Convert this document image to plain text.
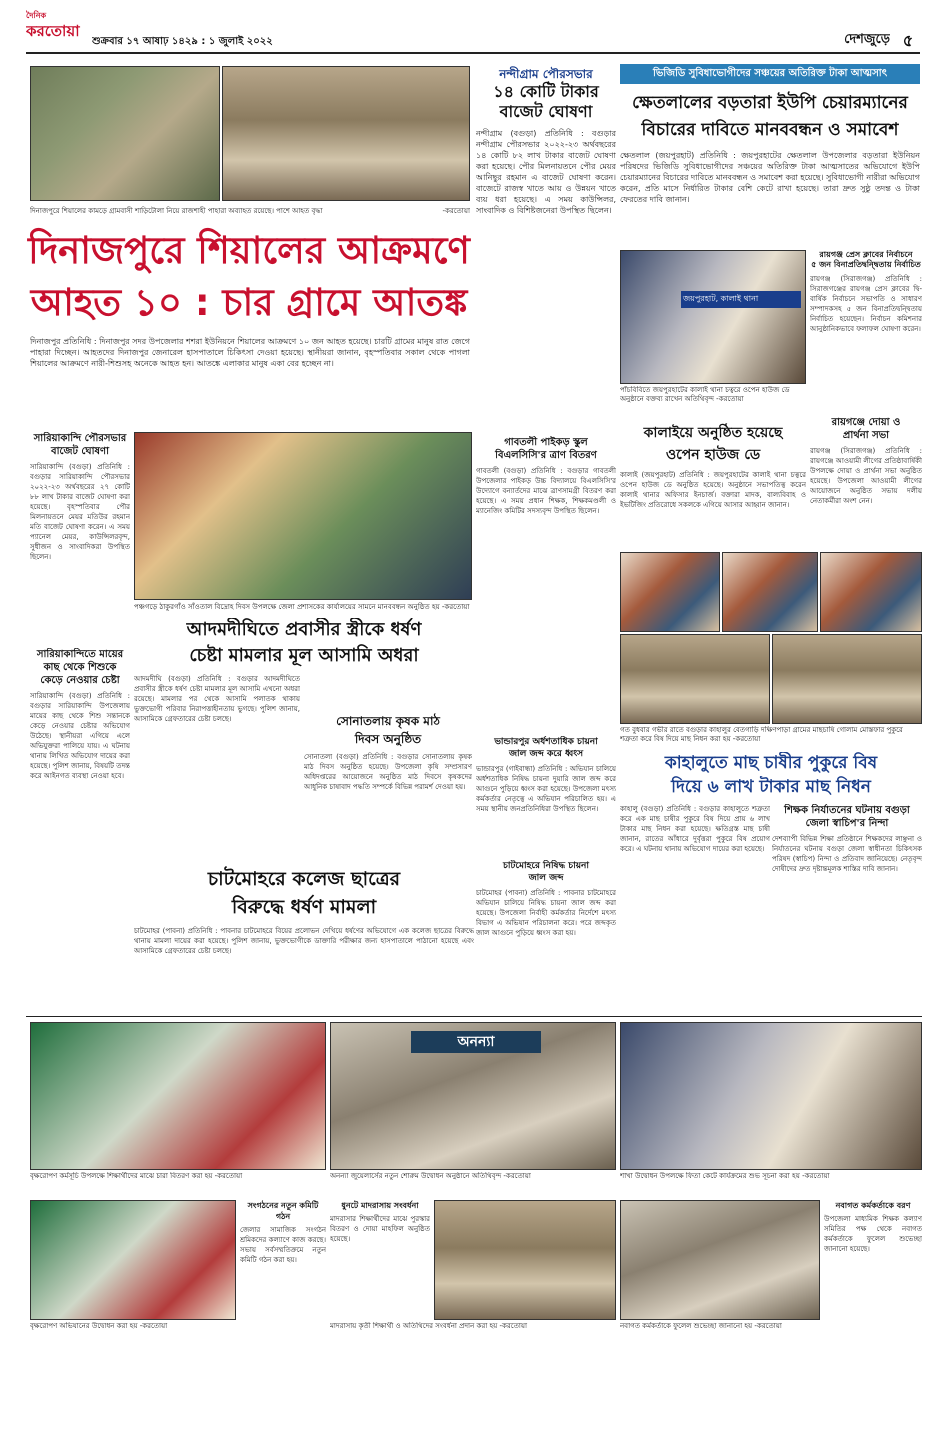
দৈনিক
করতোয়া
শুক্রবার ১৭ আষাঢ় ১৪২৯ : ১ জুলাই ২০২২	দেশজুড়ে ৫
দিনাজপুরে শিয়ালের কামড়ে গ্রামবাসী শাড়িটোলা নিয়ে রাজশাহী পাহারা অব্যাহত রয়েছে। পাশে আহত বৃদ্ধা	-করতোয়া
দিনাজপুরে শিয়ালের আক্রমণে
আহত ১০ : চার গ্রামে আতঙ্ক
দিনাজপুর প্রতিনিধি : দিনাজপুর সদর উপজেলার শশরা ইউনিয়নে শিয়ালের আক্রমণে ১০ জন আহত হয়েছে। চারটি গ্রামের মানুষ রাত জেগে পাহারা দিচ্ছেন। আহতদের দিনাজপুর জেনারেল হাসপাতালে চিকিৎসা দেওয়া হয়েছে। স্থানীয়রা জানান, বৃহস্পতিবার সকাল থেকে পাগলা শিয়ালের আক্রমণে নারী-শিশুসহ অনেকে আহত হন। আতঙ্কে এলাকার মানুষ একা বের হচ্ছেন না।
নন্দীগ্রাম পৌরসভার
১৪ কোটি টাকার
বাজেট ঘোষণা
নন্দীগ্রাম (বগুড়া) প্রতিনিধি : বগুড়ার নন্দীগ্রাম পৌরসভার ২০২২-২৩ অর্থবছরের ১৪ কোটি ৮২ লাখ টাকার বাজেট ঘোষণা করা হয়েছে। পৌর মিলনায়তনে পৌর মেয়র আনিছুর রহমান এ বাজেট ঘোষণা করেন। বাজেটে রাজস্ব খাতে আয় ও উন্নয়ন খাতে ব্যয় ধরা হয়েছে। এ সময় কাউন্সিলর, সাংবাদিক ও বিশিষ্টজনেরা উপস্থিত ছিলেন।
ভিজিডি সুবিধাভোগীদের সঞ্চয়ের অতিরিক্ত টাকা আত্মসাৎ
ক্ষেতলালের বড়তারা ইউপি চেয়ারম্যানের
বিচারের দাবিতে মানববন্ধন ও সমাবেশ
ক্ষেতলাল (জয়পুরহাট) প্রতিনিধি : জয়পুরহাটের ক্ষেতলাল উপজেলার বড়তারা ইউনিয়ন পরিষদের ভিজিডি সুবিধাভোগীদের সঞ্চয়ের অতিরিক্ত টাকা আত্মসাতের অভিযোগে ইউপি চেয়ারম্যানের বিচারের দাবিতে মানববন্ধন ও সমাবেশ করা হয়েছে। সুবিধাভোগী নারীরা অভিযোগ করেন, প্রতি মাসে নির্ধারিত টাকার বেশি কেটে রাখা হয়েছে। তারা দ্রুত সুষ্ঠু তদন্ত ও টাকা ফেরতের দাবি জানান।
জয়পুরহাট, কালাই থানা
পাঁচবিবিতে জয়পুরহাটের কালাই থানা চত্বরে ওপেন হাউজ ডে অনুষ্ঠানে বক্তব্য রাখেন অতিথিবৃন্দ -করতোয়া
রায়গঞ্জ প্রেস ক্লাবের নির্বাচনে
৫ জন বিনাপ্রতিদ্বন্দ্বিতায় নির্বাচিত
রায়গঞ্জ (সিরাজগঞ্জ) প্রতিনিধি : সিরাজগঞ্জের রায়গঞ্জ প্রেস ক্লাবের দ্বি-বার্ষিক নির্বাচনে সভাপতি ও সাধারণ সম্পাদকসহ ৫ জন বিনাপ্রতিদ্বন্দ্বিতায় নির্বাচিত হয়েছেন। নির্বাচন কমিশনার আনুষ্ঠানিকভাবে ফলাফল ঘোষণা করেন।
সারিয়াকান্দি পৌরসভার
বাজেট ঘোষণা
সারিয়াকান্দি (বগুড়া) প্রতিনিধি : বগুড়ার সারিয়াকান্দি পৌরসভার ২০২২-২৩ অর্থবছরের ২৭ কোটি ৮৮ লাখ টাকার বাজেট ঘোষণা করা হয়েছে। বৃহস্পতিবার পৌর মিলনায়তনে মেয়র মতিউর রহমান মতি বাজেট ঘোষণা করেন। এ সময় প্যানেল মেয়র, কাউন্সিলরবৃন্দ, সুধীজন ও সাংবাদিকরা উপস্থিত ছিলেন।
পঞ্চগড়ে ঠাকুরগাঁও সাঁওতাল বিদ্রোহ দিবস উপলক্ষে জেলা প্রশাসকের কার্যালয়ের সামনে মানববন্ধন অনুষ্ঠিত হয় -করতোয়া
গাবতলী পাইকড় স্কুল
বিএলসিসি'র ত্রাণ বিতরণ
গাবতলী (বগুড়া) প্রতিনিধি : বগুড়ার গাবতলী উপজেলার পাইকড় উচ্চ বিদ্যালয়ে বিএলসিসি'র উদ্যোগে বন্যার্তদের মাঝে ত্রাণসামগ্রী বিতরণ করা হয়েছে। এ সময় প্রধান শিক্ষক, শিক্ষকমণ্ডলী ও ম্যানেজিং কমিটির সদস্যবৃন্দ উপস্থিত ছিলেন।
কালাইয়ে অনুষ্ঠিত হয়েছে
ওপেন হাউজ ডে
কালাই (জয়পুরহাট) প্রতিনিধি : জয়পুরহাটের কালাই থানা চত্বরে ওপেন হাউজ ডে অনুষ্ঠিত হয়েছে। অনুষ্ঠানে সভাপতিত্ব করেন কালাই থানার অফিসার ইনচার্জ। বক্তারা মাদক, বাল্যবিবাহ ও ইভটিজিং প্রতিরোধে সকলকে এগিয়ে আসার আহ্বান জানান।
রায়গঞ্জে দোয়া ও
প্রার্থনা সভা
রায়গঞ্জ (সিরাজগঞ্জ) প্রতিনিধি : রায়গঞ্জে আওয়ামী লীগের প্রতিষ্ঠাবার্ষিকী উপলক্ষে দোয়া ও প্রার্থনা সভা অনুষ্ঠিত হয়েছে। উপজেলা আওয়ামী লীগের আয়োজনে অনুষ্ঠিত সভায় দলীয় নেতাকর্মীরা অংশ নেন।
সারিয়াকান্দিতে মায়ের
কাছ থেকে শিশুকে
কেড়ে নেওয়ার চেষ্টা
সারিয়াকান্দি (বগুড়া) প্রতিনিধি : বগুড়ার সারিয়াকান্দি উপজেলায় মায়ের কাছ থেকে শিশু সন্তানকে কেড়ে নেওয়ার চেষ্টার অভিযোগ উঠেছে। স্থানীয়রা এগিয়ে এলে অভিযুক্তরা পালিয়ে যায়। এ ঘটনায় থানায় লিখিত অভিযোগ দায়ের করা হয়েছে। পুলিশ জানায়, বিষয়টি তদন্ত করে আইনগত ব্যবস্থা নেওয়া হবে।
আদমদীঘিতে প্রবাসীর স্ত্রীকে ধর্ষণ
চেষ্টা মামলার মূল আসামি অধরা
আদমদীঘি (বগুড়া) প্রতিনিধি : বগুড়ার আদমদীঘিতে প্রবাসীর স্ত্রীকে ধর্ষণ চেষ্টা মামলার মূল আসামি এখনো অধরা রয়েছে। মামলার পর থেকে আসামি পলাতক থাকায় ভুক্তভোগী পরিবার নিরাপত্তাহীনতায় ভুগছে। পুলিশ জানায়, আসামিকে গ্রেফতারের চেষ্টা চলছে।	সোনাতলায় কৃষক মাঠ
দিবস অনুষ্ঠিত
সোনাতলা (বগুড়া) প্রতিনিধি : বগুড়ার সোনাতলায় কৃষক মাঠ দিবস অনুষ্ঠিত হয়েছে। উপজেলা কৃষি সম্প্রসারণ অধিদপ্তরের আয়োজনে অনুষ্ঠিত মাঠ দিবসে কৃষকদের আধুনিক চাষাবাদ পদ্ধতি সম্পর্কে বিভিন্ন পরামর্শ দেওয়া হয়।
ভান্ডারপুর অর্ধশতাধিক চায়না
জাল জব্দ করে ধ্বংস
ভান্ডারপুর (গাইবান্ধা) প্রতিনিধি : অভিযান চালিয়ে অর্ধশতাধিক নিষিদ্ধ চায়না দুয়ারি জাল জব্দ করে আগুনে পুড়িয়ে ধ্বংস করা হয়েছে। উপজেলা মৎস্য কর্মকর্তার নেতৃত্বে এ অভিযান পরিচালিত হয়। এ সময় স্থানীয় জনপ্রতিনিধিরা উপস্থিত ছিলেন।
গত বুধবার গভীর রাতে বগুড়ার কাহালুর বেতগাড়ি দক্ষিণপাড়া গ্রামের মাছচাষি গোলাম মোস্তফার পুকুরে শত্রুতা করে বিষ দিয়ে মাছ নিধন করা হয় -করতোয়া
কাহালুতে মাছ চাষীর পুকুরে বিষ
দিয়ে ৬ লাখ টাকার মাছ নিধন
কাহালু (বগুড়া) প্রতিনিধি : বগুড়ার কাহালুতে শত্রুতা করে এক মাছ চাষীর পুকুরে বিষ দিয়ে প্রায় ৬ লাখ টাকার মাছ নিধন করা হয়েছে। ক্ষতিগ্রস্ত মাছ চাষী জানান, রাতের আঁধারে দুর্বৃত্তরা পুকুরে বিষ প্রয়োগ করে। এ ঘটনায় থানায় অভিযোগ দায়ের করা হয়েছে।
শিক্ষক নির্যাতনের ঘটনায় বগুড়া
জেলা স্বাচিপ'র নিন্দা
দেশব্যাপী বিভিন্ন শিক্ষা প্রতিষ্ঠানে শিক্ষকদের লাঞ্ছনা ও নির্যাতনের ঘটনায় বগুড়া জেলা স্বাধীনতা চিকিৎসক পরিষদ (স্বাচিপ) নিন্দা ও প্রতিবাদ জানিয়েছে। নেতৃবৃন্দ দোষীদের দ্রুত দৃষ্টান্তমূলক শাস্তির দাবি জানান।
চাটমোহরে কলেজ ছাত্রের
বিরুদ্ধে ধর্ষণ মামলা
চাটমোহর (পাবনা) প্রতিনিধি : পাবনার চাটমোহরে বিয়ের প্রলোভন দেখিয়ে ধর্ষণের অভিযোগে এক কলেজ ছাত্রের বিরুদ্ধে থানায় মামলা দায়ের করা হয়েছে। পুলিশ জানায়, ভুক্তভোগীকে ডাক্তারি পরীক্ষার জন্য হাসপাতালে পাঠানো হয়েছে এবং আসামিকে গ্রেফতারের চেষ্টা চলছে।
চাটমোহরে নিষিদ্ধ চায়না
জাল জব্দ
চাটমোহর (পাবনা) প্রতিনিধি : পাবনার চাটমোহরে অভিযান চালিয়ে নিষিদ্ধ চায়না জাল জব্দ করা হয়েছে। উপজেলা নির্বাহী কর্মকর্তার নির্দেশে মৎস্য বিভাগ এ অভিযান পরিচালনা করে। পরে জব্দকৃত জাল আগুনে পুড়িয়ে ধ্বংস করা হয়।
বৃক্ষরোপণ কর্মসূচি উপলক্ষে শিক্ষার্থীদের মাঝে চারা বিতরণ করা হয় -করতোয়া
অনন্যা
অনন্যা জুয়েলার্সের নতুন শোরুম উদ্বোধন অনুষ্ঠানে অতিথিবৃন্দ -করতোয়া	শাখা উদ্বোধন উপলক্ষে ফিতা কেটে কার্যক্রমের শুভ সূচনা করা হয় -করতোয়া
সংগঠনের নতুন কমিটি গঠন
জেলার সামাজিক সংগঠন শ্রমিকদের কল্যাণে কাজ করছে। সভায় সর্বসম্মতিক্রমে নতুন কমিটি গঠন করা হয়।
বৃক্ষরোপণ অভিযানের উদ্বোধন করা হয় -করতোয়া
ধুনটে মাদরাসায় সংবর্ধনা
মাদরাসার শিক্ষার্থীদের মাঝে পুরস্কার বিতরণ ও দোয়া মাহফিল অনুষ্ঠিত হয়েছে।
মাদরাসায় কৃতী শিক্ষার্থী ও অতিথিদের সংবর্ধনা প্রদান করা হয় -করতোয়া
নবাগত কর্মকর্তাকে বরণ
উপজেলা মাধ্যমিক শিক্ষক কল্যাণ সমিতির পক্ষ থেকে নবাগত কর্মকর্তাকে ফুলেল শুভেচ্ছা জানানো হয়েছে।
নবাগত কর্মকর্তাকে ফুলেল শুভেচ্ছা জানানো হয় -করতোয়া
